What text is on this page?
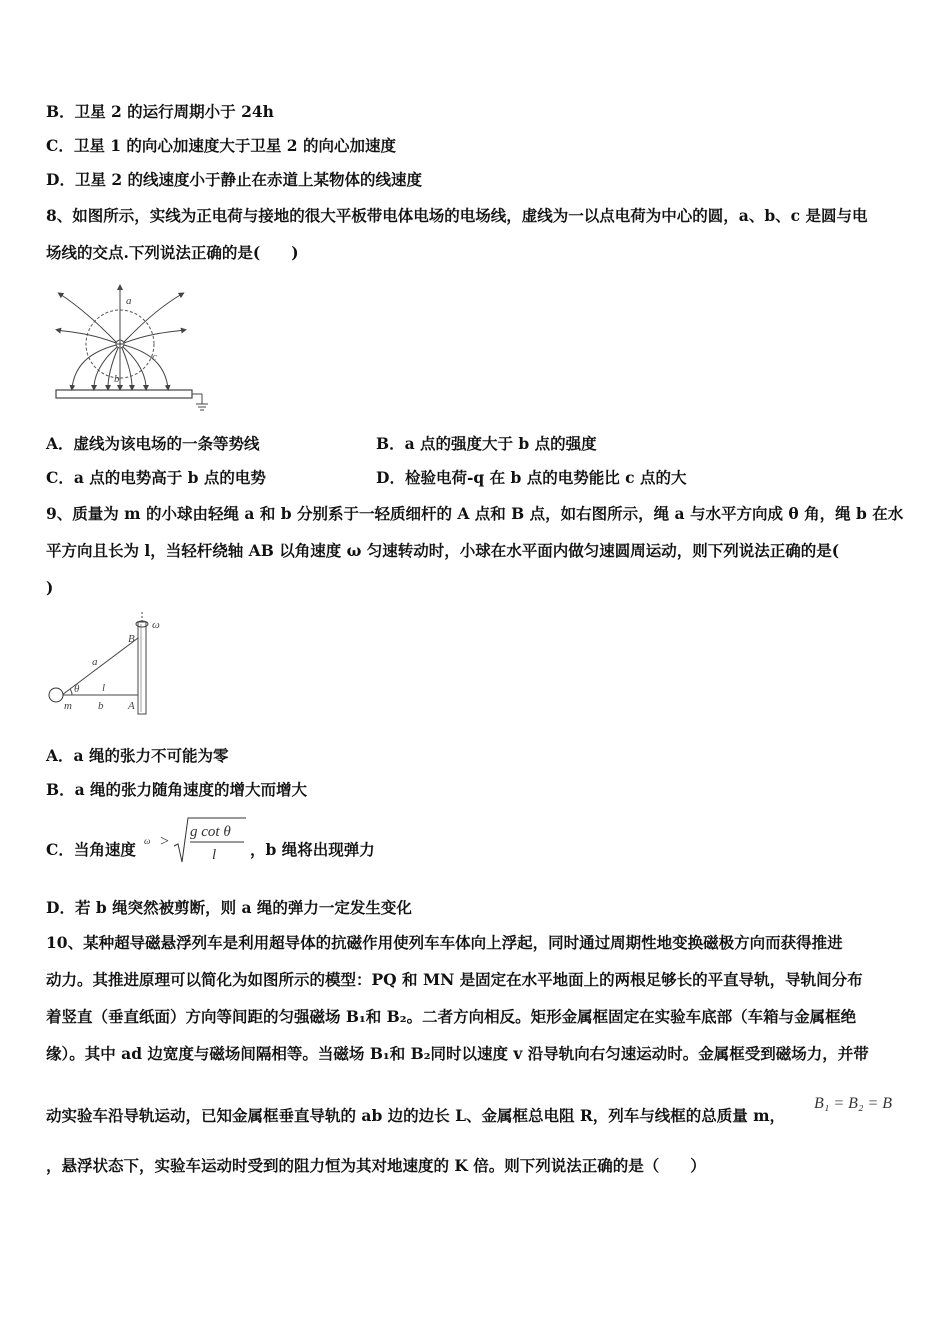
B．卫星 2 的运行周期小于 24h
C．卫星 1 的向心加速度大于卫星 2 的向心加速度
D．卫星 2 的线速度小于静止在赤道上某物体的线速度
8、如图所示，实线为正电荷与接地的很大平板带电体电场的电场线，虚线为一以点电荷为中心的圆，a、b、c 是圆与电
场线的交点.下列说法正确的是(　　)
a
b
c
A．虚线为该电场的一条等势线	B．a 点的强度大于 b 点的强度
C．a 点的电势高于 b 点的电势	D．检验电荷-q 在 b 点的电势能比 c 点的大
9、质量为 m 的小球由轻绳 a 和 b 分别系于一轻质细杆的 A 点和 B 点，如右图所示，绳 a 与水平方向成 θ 角，绳 b 在水
平方向且长为 l，当轻杆绕轴 AB 以角速度 ω 匀速转动时，小球在水平面内做匀速圆周运动，则下列说法正确的是(
)
ω
B
a
θ l
m b A
A．a 绳的张力不可能为零
B．a 绳的张力随角速度的增大而增大
C．当角速度 ω >
g cot θ
l ，b 绳将出现弹力
D．若 b 绳突然被剪断，则 a 绳的弹力一定发生变化
10、某种超导磁悬浮列车是利用超导体的抗磁作用使列车车体向上浮起，同时通过周期性地变换磁极方向而获得推进
动力。其推进原理可以简化为如图所示的模型：PQ 和 MN 是固定在水平地面上的两根足够长的平直导轨，导轨间分布
着竖直（垂直纸面）方向等间距的匀强磁场 B₁和 B₂。二者方向相反。矩形金属框固定在实验车底部（车箱与金属框绝
缘）。其中 ad 边宽度与磁场间隔相等。当磁场 B₁和 B₂同时以速度 v 沿导轨向右匀速运动时。金属框受到磁场力，并带
动实验车沿导轨运动，已知金属框垂直导轨的 ab 边的边长 L、金属框总电阻 R，列车与线框的总质量 m，
B₁ = B₂ = B
，悬浮状态下，实验车运动时受到的阻力恒为其对地速度的 K 倍。则下列说法正确的是（　　）
